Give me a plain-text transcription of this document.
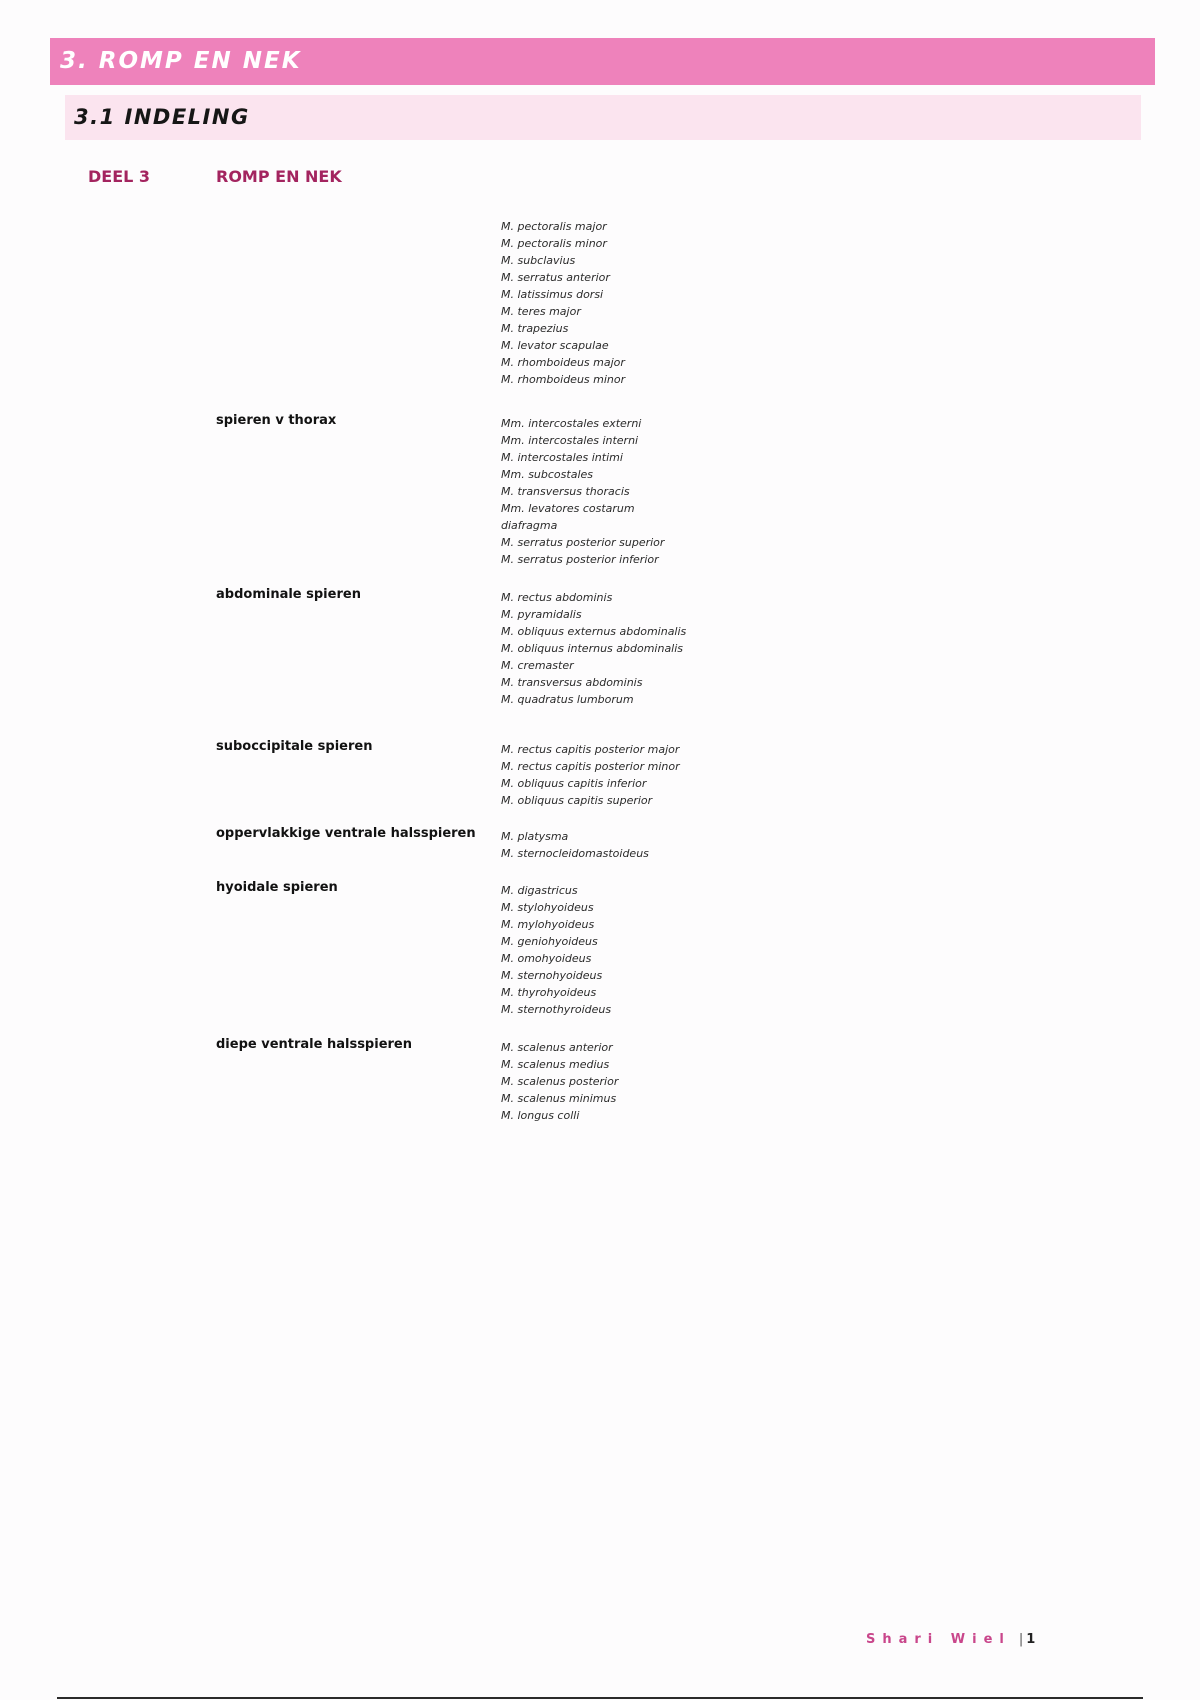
3. ROMP EN NEK
3.1 INDELING
DEEL 3	ROMP EN NEK
M. pectoralis major
M. pectoralis minor
M. subclavius
M. serratus anterior
M. latissimus dorsi
M. teres major
M. trapezius
M. levator scapulae
M. rhomboideus major
M. rhomboideus minor
spieren v thorax	Mm. intercostales externi
Mm. intercostales interni
M. intercostales intimi
Mm. subcostales
M. transversus thoracis
Mm. levatores costarum
diafragma
M. serratus posterior superior
M. serratus posterior inferior
abdominale spieren	M. rectus abdominis
M. pyramidalis
M. obliquus externus abdominalis
M. obliquus internus abdominalis
M. cremaster
M. transversus abdominis
M. quadratus lumborum
suboccipitale spieren	M. rectus capitis posterior major
M. rectus capitis posterior minor
M. obliquus capitis inferior
M. obliquus capitis superior
oppervlakkige ventrale halsspieren M. platysma
M. sternocleidomastoideus
hyoidale spieren	M. digastricus
M. stylohyoideus
M. mylohyoideus
M. geniohyoideus
M. omohyoideus
M. sternohyoideus
M. thyrohyoideus
M. sternothyroideus
diepe ventrale halsspieren	M. scalenus anterior
M. scalenus medius
M. scalenus posterior
M. scalenus minimus
M. longus colli
Shari Wiel | 1
